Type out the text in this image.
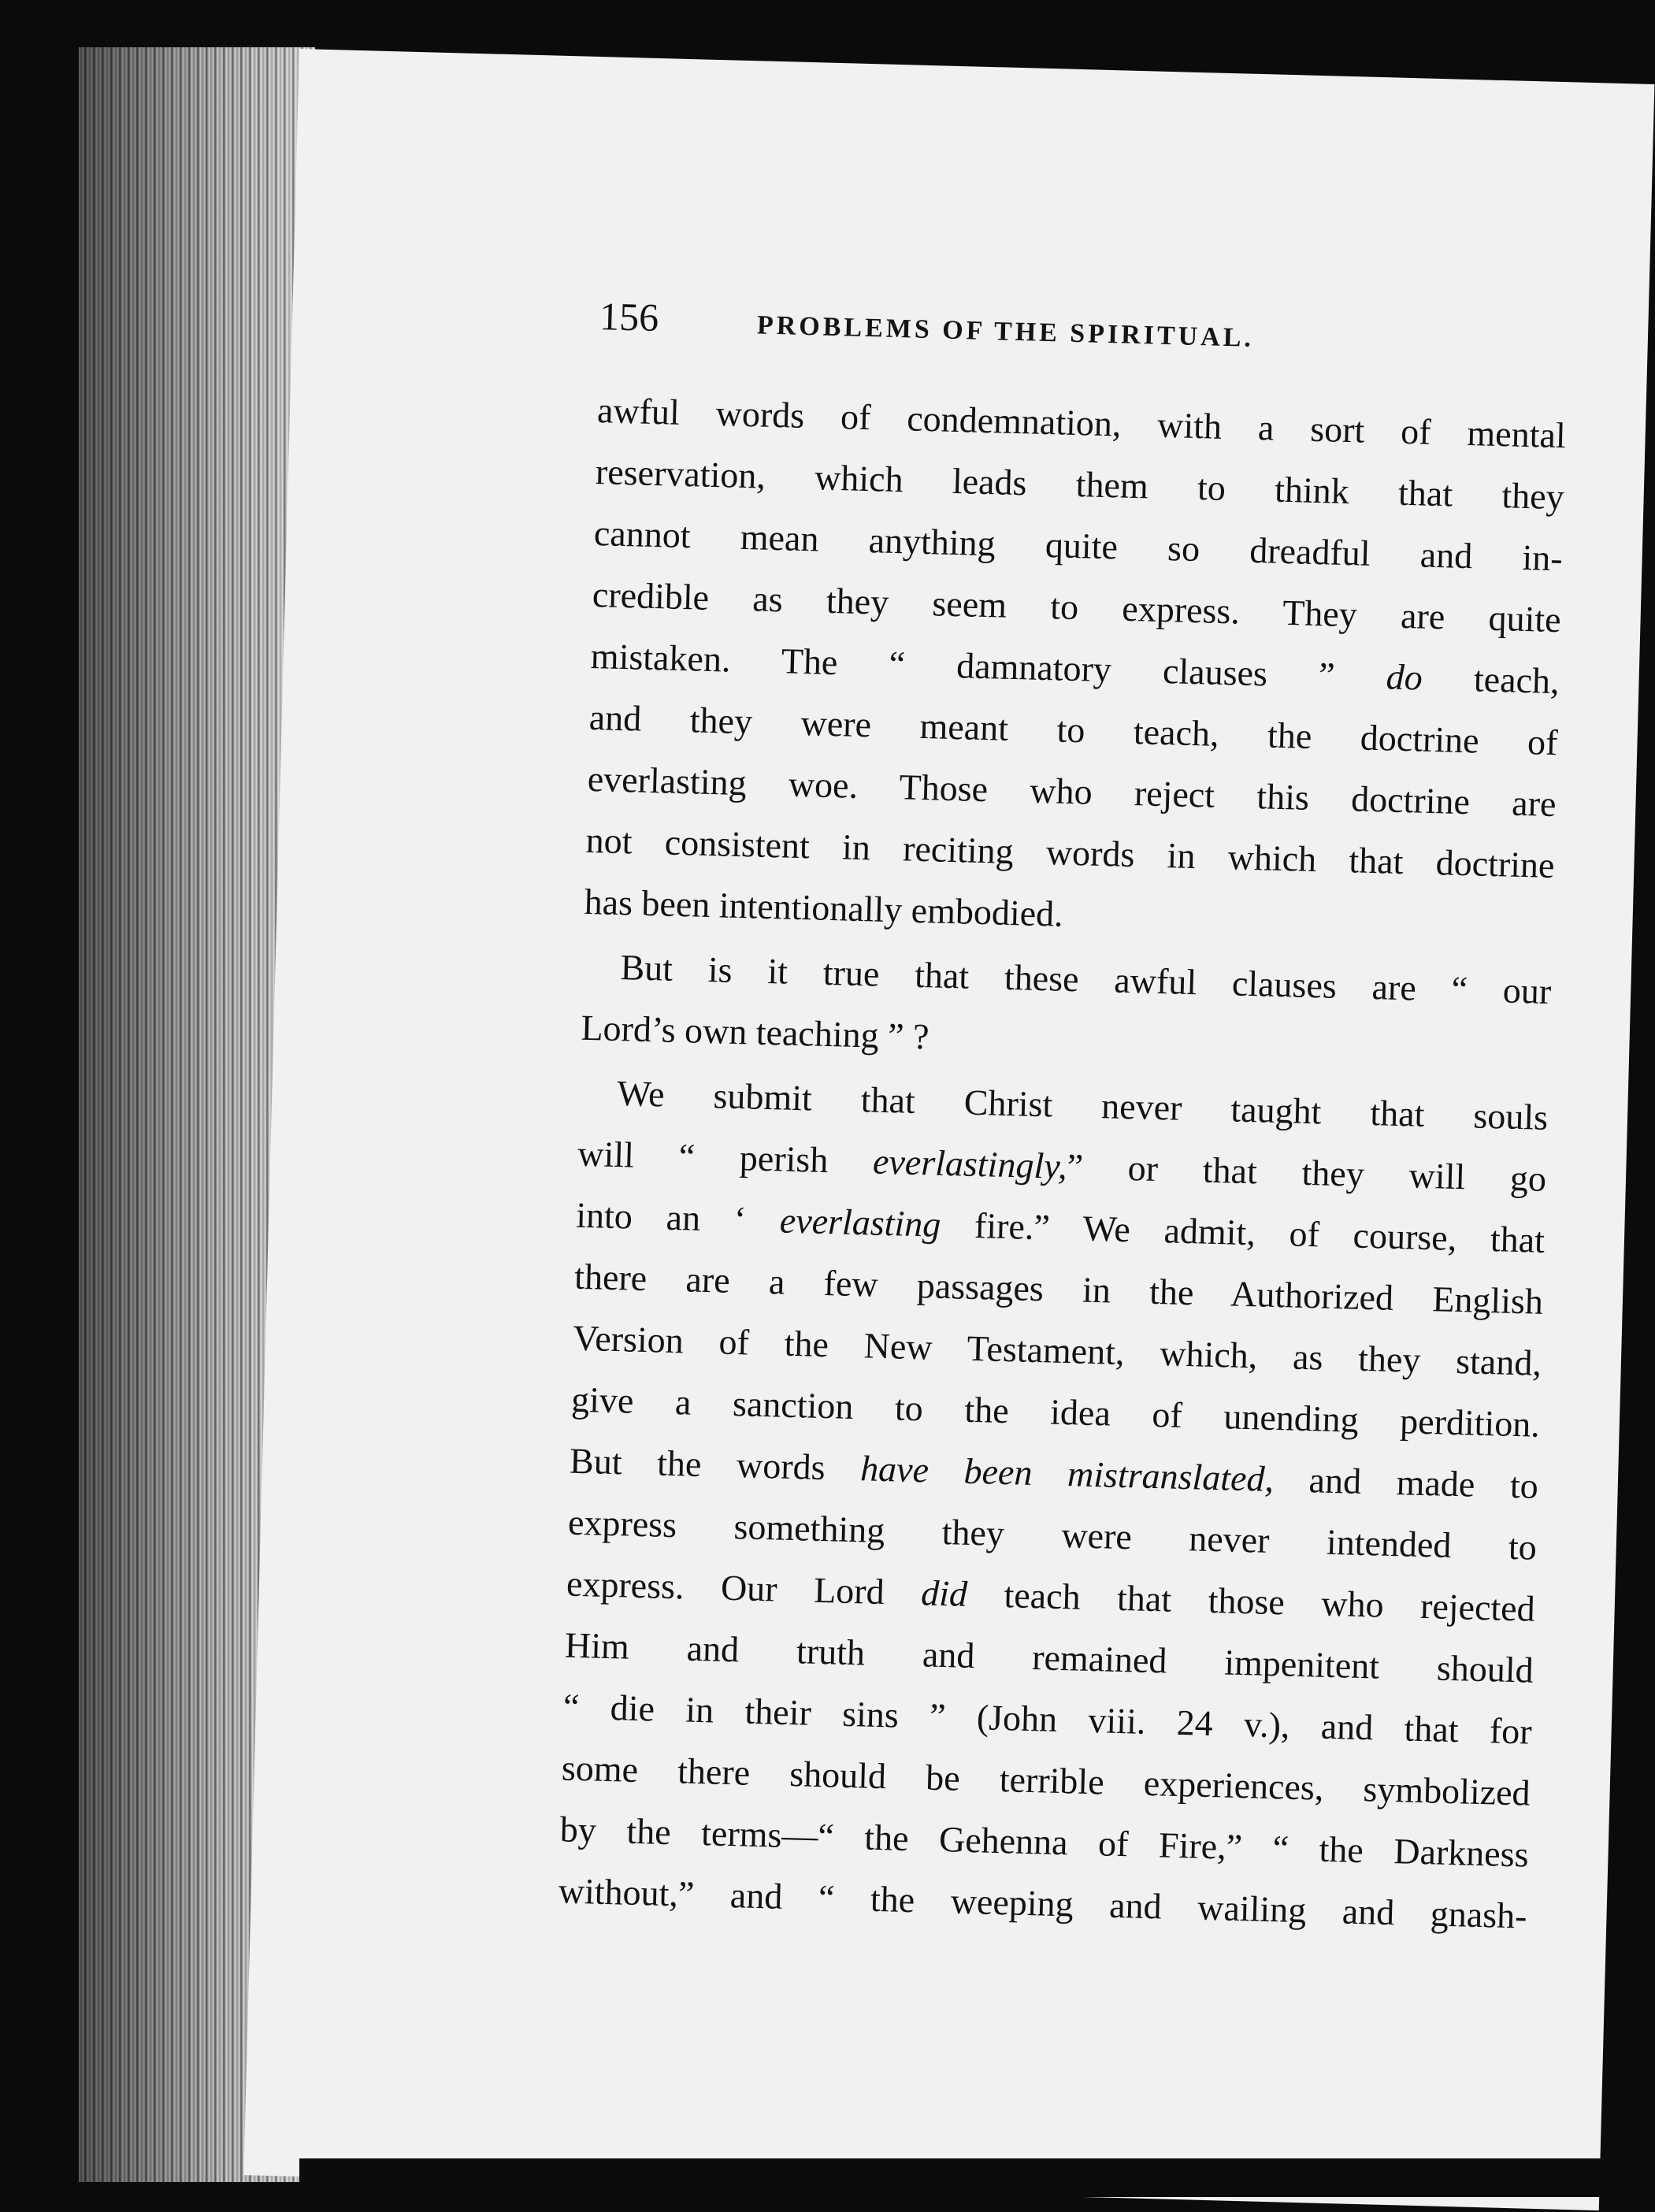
156	PROBLEMS OF THE SPIRITUAL.

awful words of condemnation, with a sort of mental
reservation, which leads them to think that they
cannot mean anything quite so dreadful and in-
credible as they seem to express. They are quite
mistaken. The “ damnatory clauses ” do teach,
and they were meant to teach, the doctrine of
everlasting woe. Those who reject this doctrine are
not consistent in reciting words in which that doctrine
has been intentionally embodied.

But is it true that these awful clauses are “ our
Lord’s own teaching ” ?

We submit that Christ never taught that souls
will “ perish everlastingly,” or that they will go
into an ‘ everlasting fire.” We admit, of course, that
there are a few passages in the Authorized English
Version of the New Testament, which, as they stand,
give a sanction to the idea of unending perdition.
But the words have been mistranslated, and made to
express something they were never intended to
express. Our Lord did teach that those who rejected
Him and truth and remained impenitent should
“ die in their sins ” (John viii. 24 v.), and that for
some there should be terrible experiences, symbolized
by the terms—“ the Gehenna of Fire,” “ the Darkness
without,” and “ the weeping and wailing and gnash-
